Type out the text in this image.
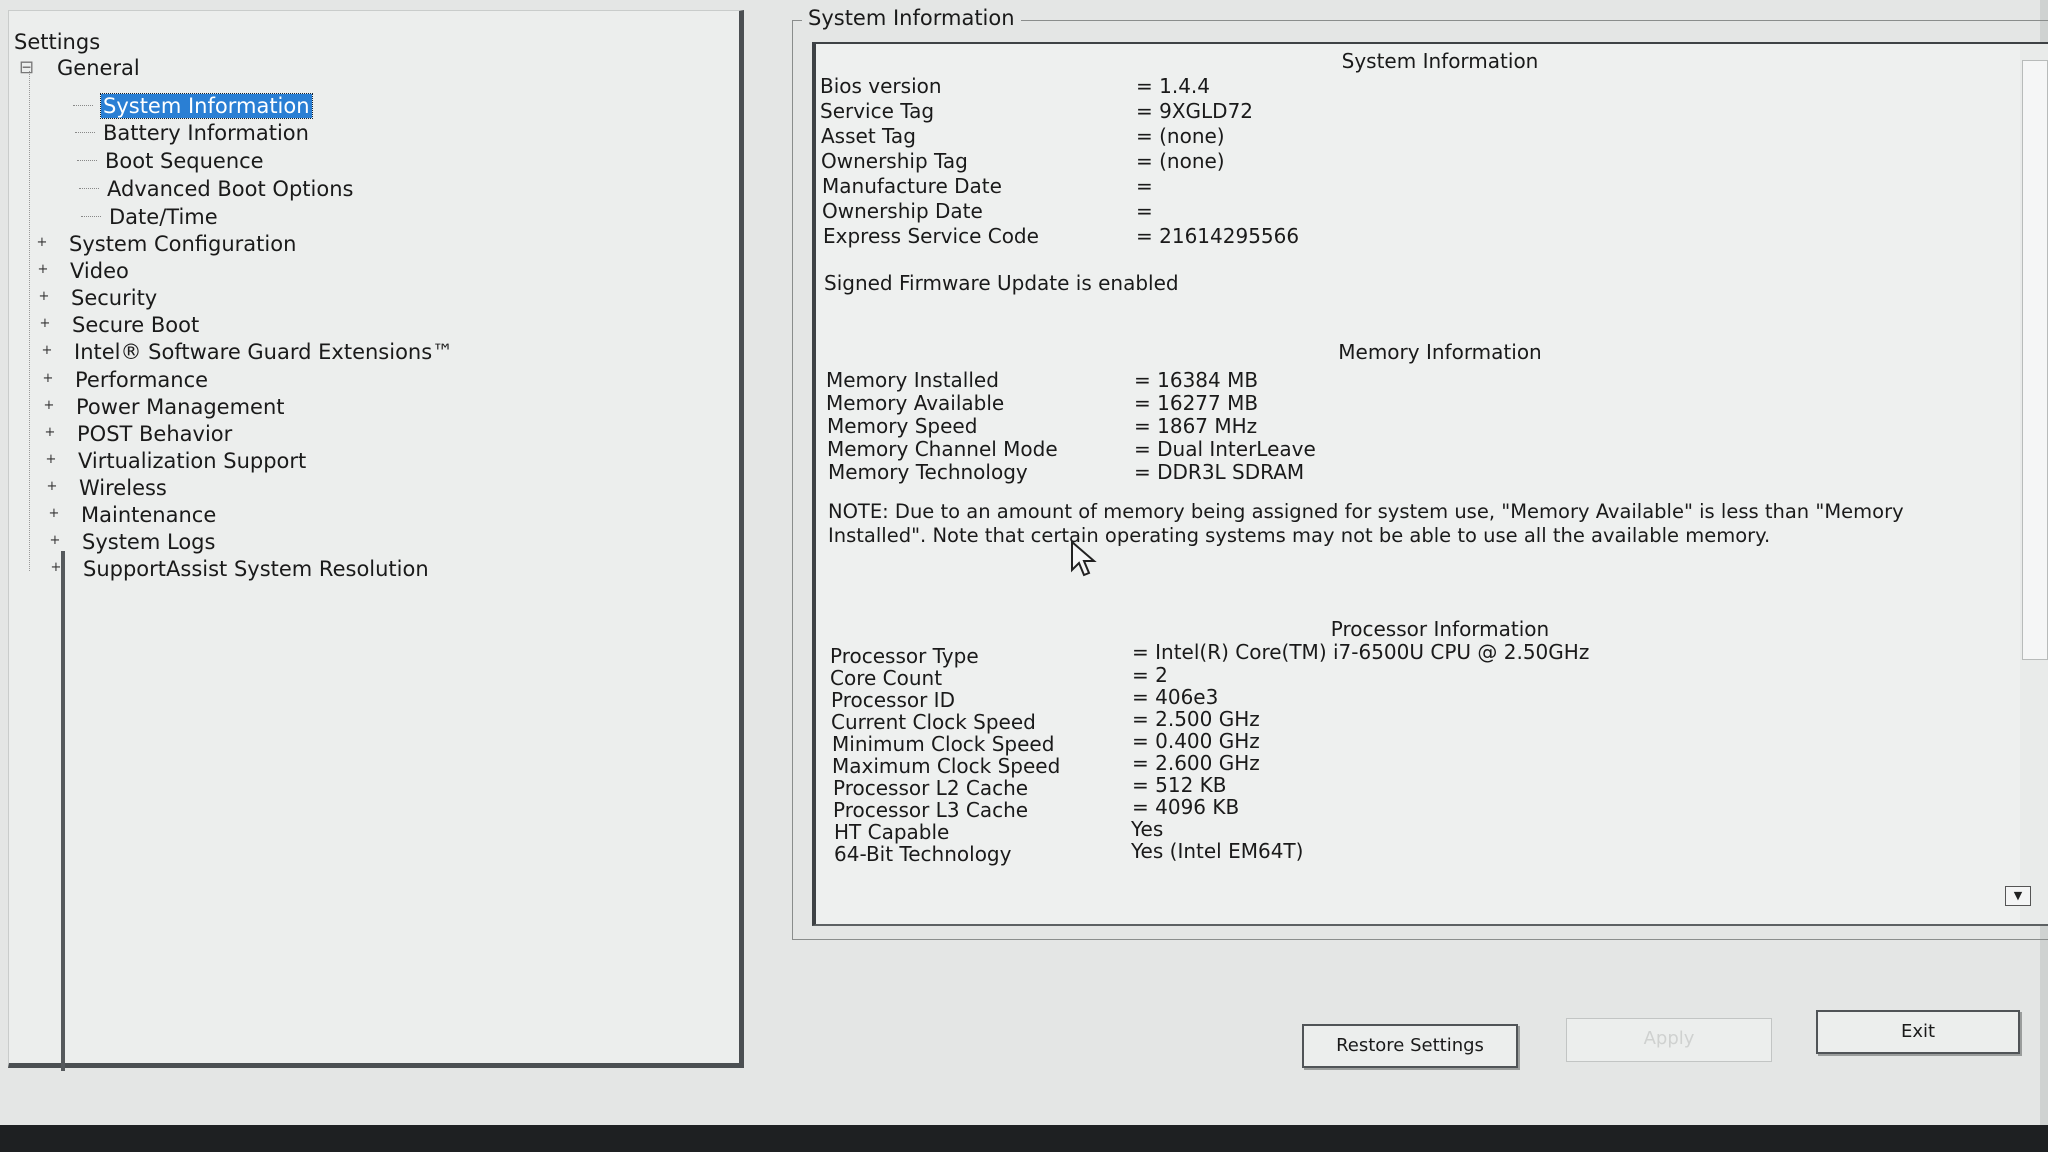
Settings
⊟ General
System Information
Battery Information
Boot Sequence
Advanced Boot Options
Date/Time
+ System Configuration
+ Video
+ Security
+ Secure Boot
+ Intel® Software Guard Extensions™
+ Performance
+ Power Management
+ POST Behavior
+ Virtualization Support
+ Wireless
+ Maintenance
+ System Logs
+ SupportAssist System Resolution
System Information
▼
System Information
Bios version	= 1.4.4
Service Tag	= 9XGLD72
Asset Tag	= (none)
Ownership Tag	= (none)
Manufacture Date	=
Ownership Date	=
Express Service Code	= 21614295566
Signed Firmware Update is enabled
Memory Information
Memory Installed	= 16384 MB
Memory Available	= 16277 MB
Memory Speed	= 1867 MHz
Memory Channel Mode	= Dual InterLeave
Memory Technology	= DDR3L SDRAM
NOTE: Due to an amount of memory being assigned for system use, "Memory Available" is less than "Memory Installed". Note that certain operating systems may not be able to use all the available memory.
Processor Information
Processor Type	= Intel(R) Core(TM) i7-6500U CPU @ 2.50GHz
Core Count	= 2
Processor ID	= 406e3
Current Clock Speed	= 2.500 GHz
Minimum Clock Speed	= 0.400 GHz
Maximum Clock Speed	= 2.600 GHz
Processor L2 Cache	= 512 KB
Processor L3 Cache	= 4096 KB
HT Capable	Yes
64-Bit Technology	Yes (Intel EM64T)
Restore Settings	Apply	Exit
